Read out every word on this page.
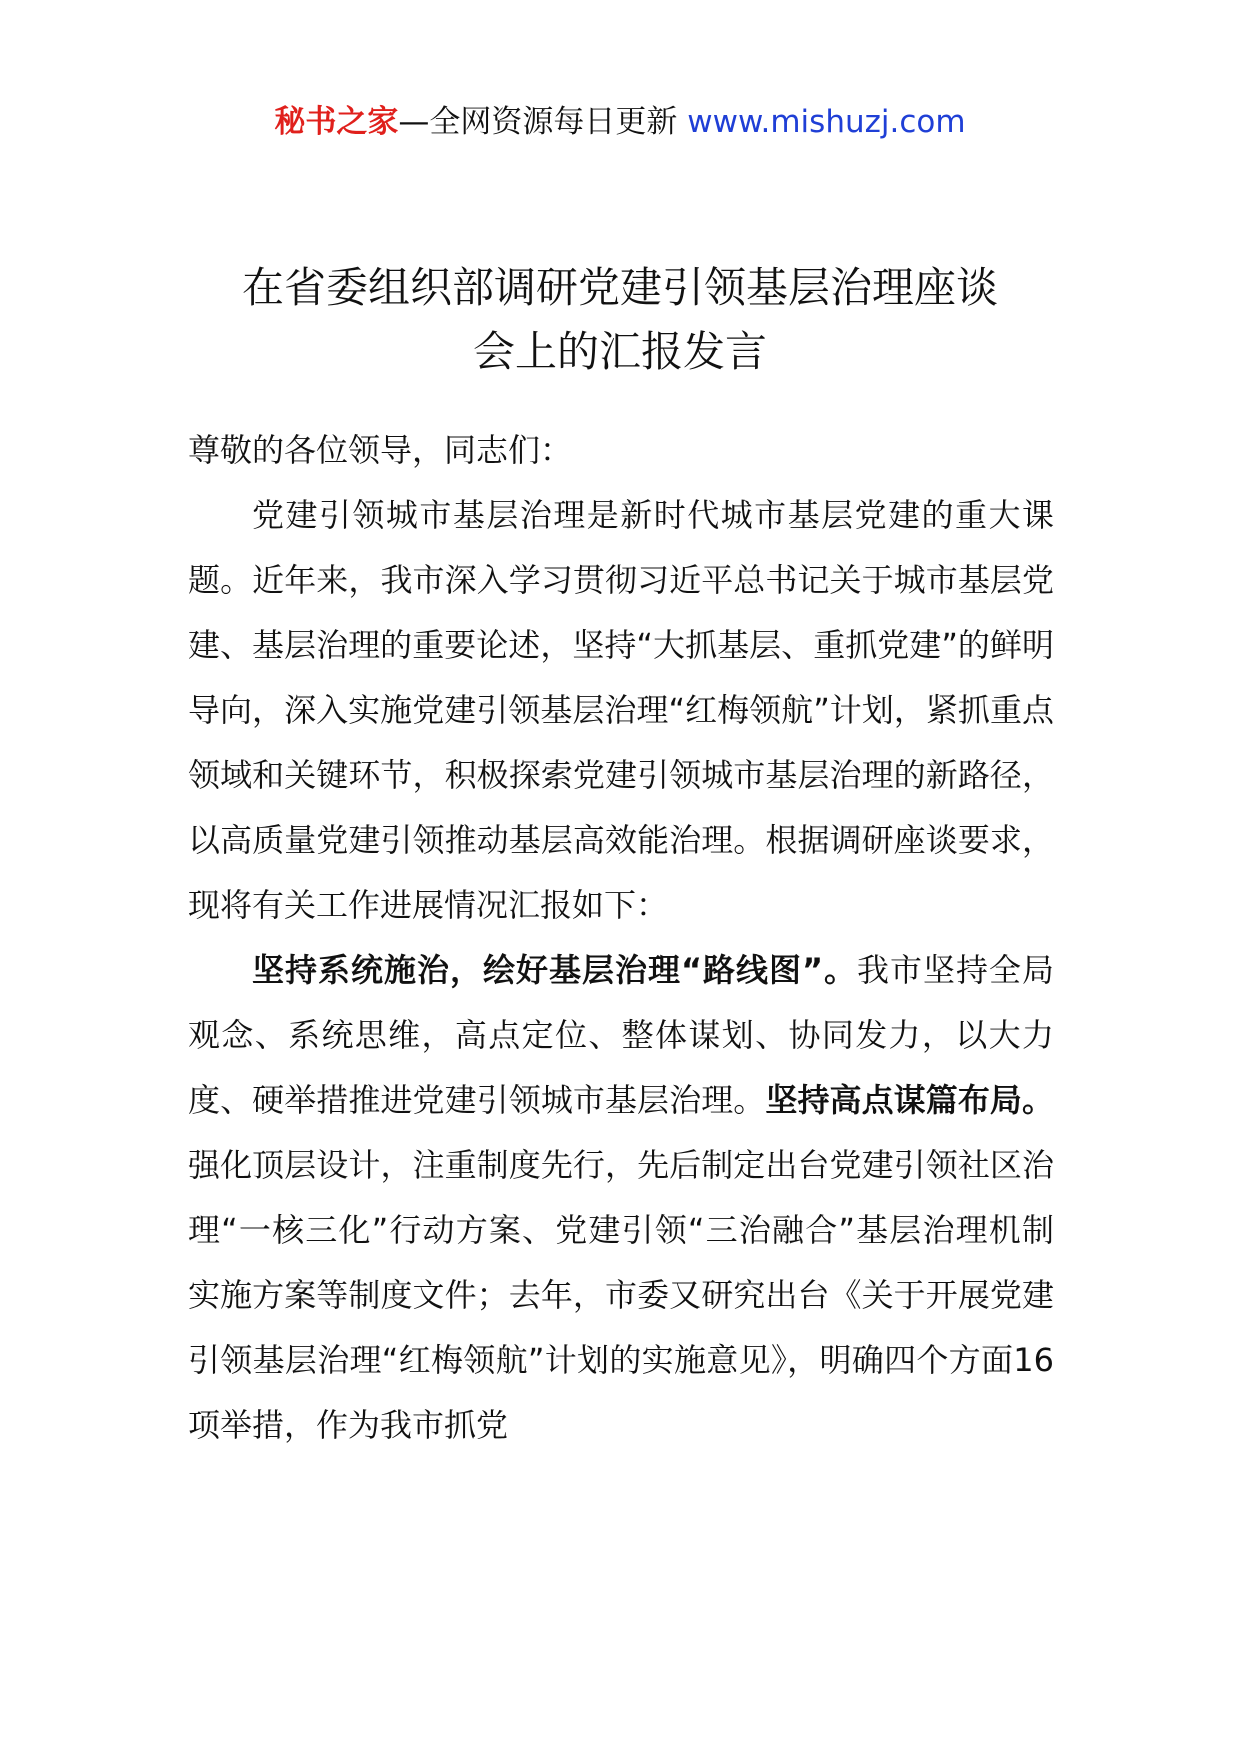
秘书之家—全网资源每日更新 www.mishuzj.com
在省委组织部调研党建引领基层治理座谈
会上的汇报发言

尊敬的各位领导，同志们：

党建引领城市基层治理是新时代城市基层党建的重大课题。近年来，我市深入学习贯彻习近平总书记关于城市基层党建、基层治理的重要论述，坚持“大抓基层、重抓党建”的鲜明导向，深入实施党建引领基层治理“红梅领航”计划，紧抓重点领域和关键环节，积极探索党建引领城市基层治理的新路径，以高质量党建引领推动基层高效能治理。根据调研座谈要求，现将有关工作进展情况汇报如下：

坚持系统施治，绘好基层治理“路线图”。我市坚持全局观念、系统思维，高点定位、整体谋划、协同发力，以大力度、硬举措推进党建引领城市基层治理。坚持高点谋篇布局。强化顶层设计，注重制度先行，先后制定出台党建引领社区治理“一核三化”行动方案、党建引领“三治融合”基层治理机制实施方案等制度文件；去年，市委又研究出台《关于开展党建引领基层治理“红梅领航”计划的实施意见》，明确四个方面16项举措，作为我市抓党
